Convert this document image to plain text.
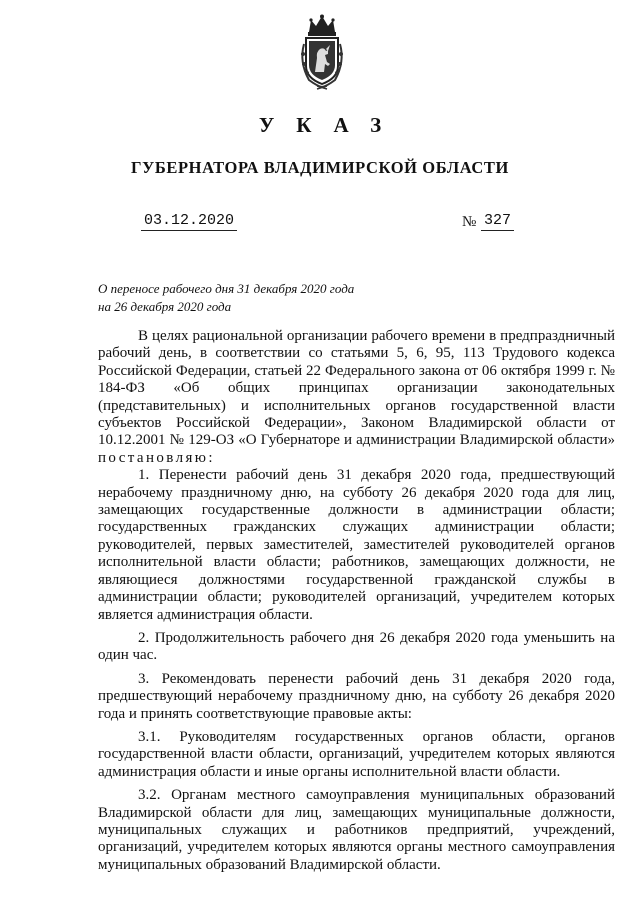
УКАЗ
ГУБЕРНАТОРА ВЛАДИМИРСКОЙ ОБЛАСТИ
03.12.2020	№ 327
О переносе рабочего дня 31 декабря 2020 года
на 26 декабря 2020 года

В целях рациональной организации рабочего времени в предпраздничный рабочий день, в соответствии со статьями 5, 6, 95, 113 Трудового кодекса Российской Федерации, статьей 22 Федерального закона от 06 октября 1999 г. № 184-ФЗ «Об общих принципах организации законодательных (представительных) и исполнительных органов государственной власти субъектов Российской Федерации», Законом Владимирской области от 10.12.2001 № 129-ОЗ «О Губернаторе и администрации Владимирской области» постановляю:

1. Перенести рабочий день 31 декабря 2020 года, предшествующий нерабочему праздничному дню, на субботу 26 декабря 2020 года для лиц, замещающих государственные должности в администрации области; государственных гражданских служащих администрации области; руководителей, первых заместителей, заместителей руководителей органов исполнительной власти области; работников, замещающих должности, не являющиеся должностями государственной гражданской службы в администрации области; руководителей организаций, учредителем которых является администрация области.

2. Продолжительность рабочего дня 26 декабря 2020 года уменьшить на один час.

3. Рекомендовать перенести рабочий день 31 декабря 2020 года, предшествующий нерабочему праздничному дню, на субботу 26 декабря 2020 года и принять соответствующие правовые акты:

3.1. Руководителям государственных органов области, органов государственной власти области, организаций, учредителем которых являются администрация области и иные органы исполнительной власти области.

3.2. Органам местного самоуправления муниципальных образований Владимирской области для лиц, замещающих муниципальные должности, муниципальных служащих и работников предприятий, учреждений, организаций, учредителем которых являются органы местного самоуправления муниципальных образований Владимирской области.
